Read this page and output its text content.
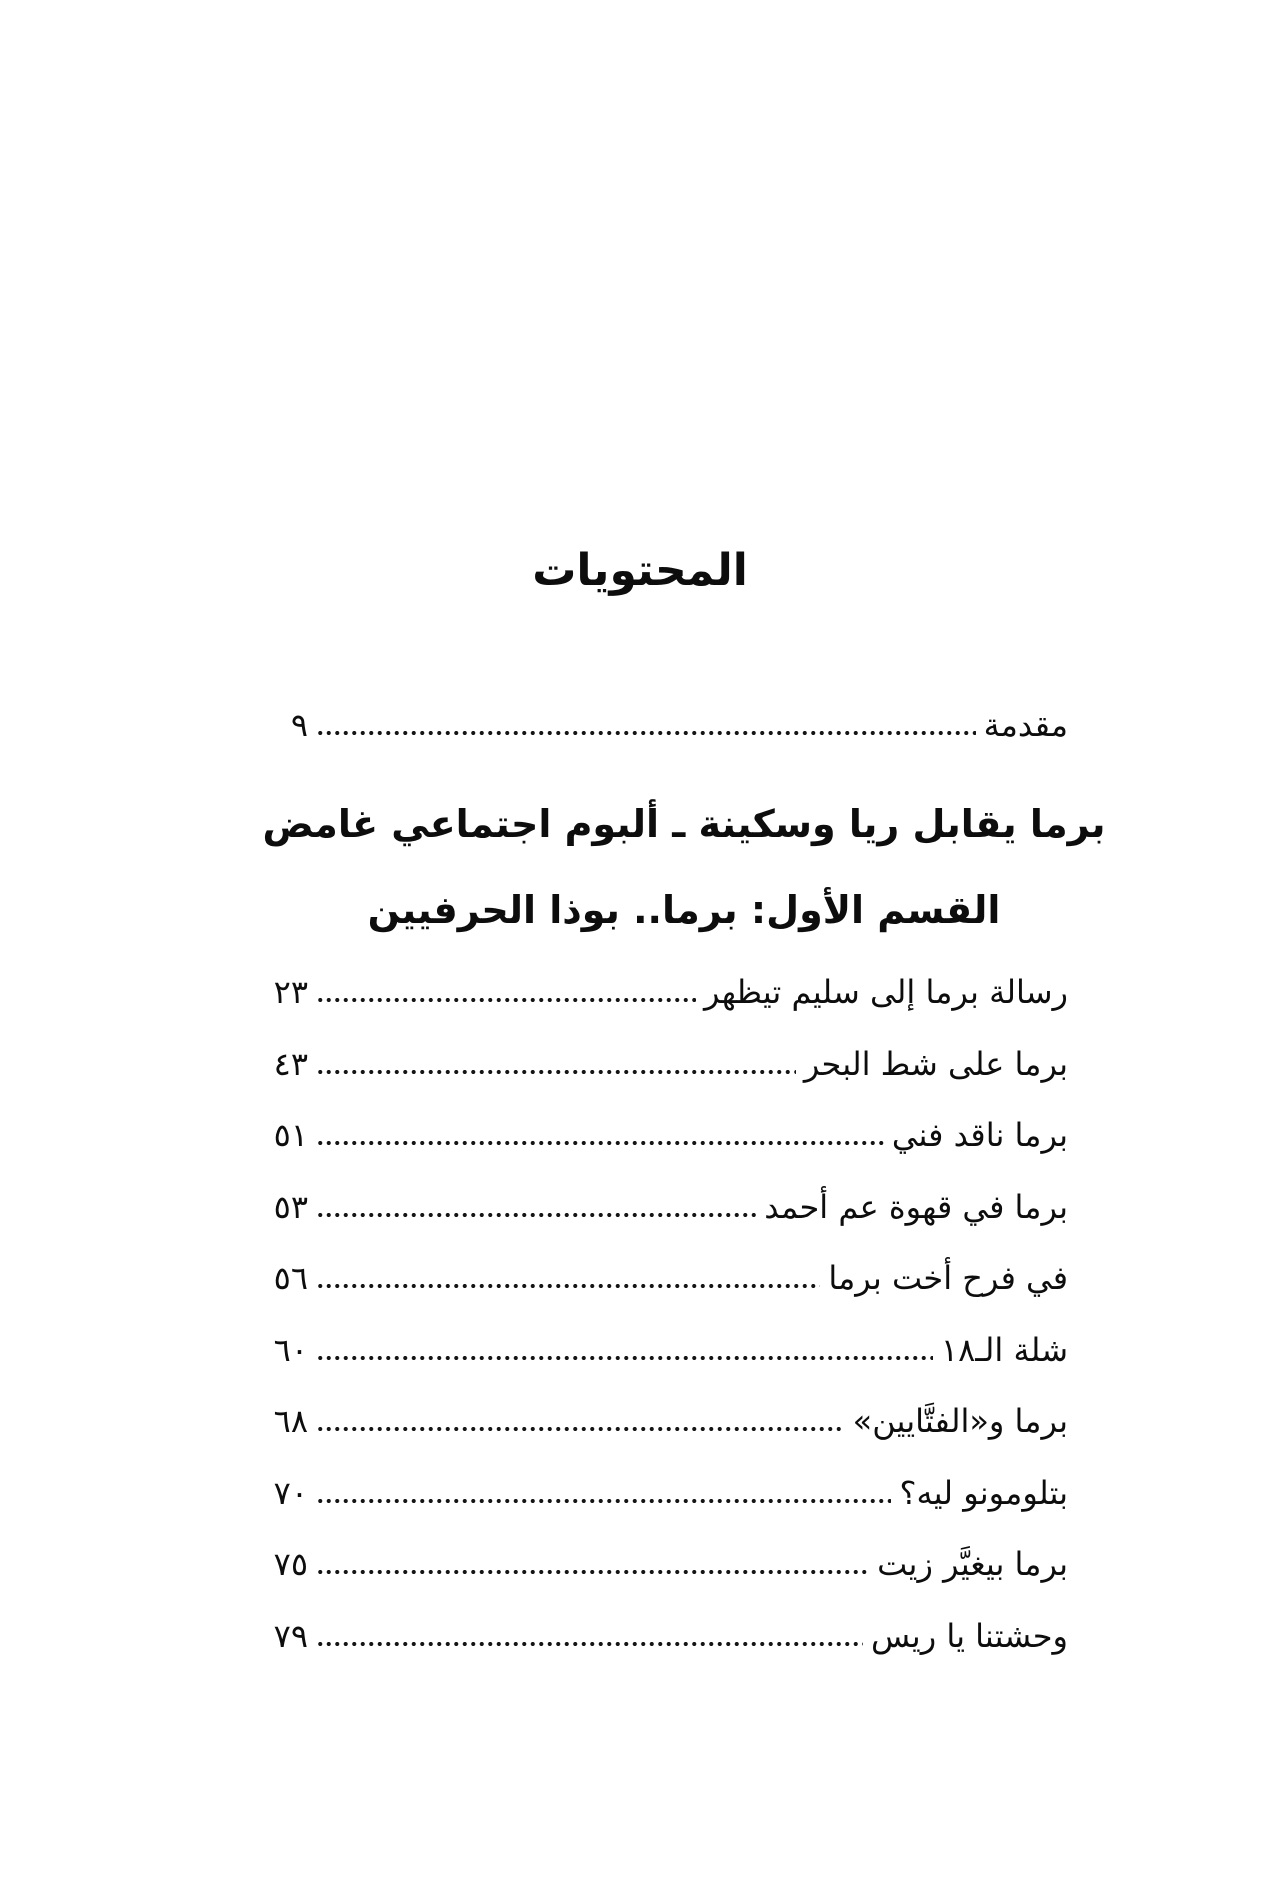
المحتويات
مقدمة
٩
برما يقابل ريا وسكينة ـ ألبوم اجتماعي غامض
القسم الأول: برما.. بوذا الحرفيين
رسالة برما إلى سليم تيظهر
٢٣
برما على شط البحر
٤٣
برما ناقد فني
٥١
برما في قهوة عم أحمد
٥٣
في فرح أخت برما
٥٦
شلة الـ١٨
٦٠
برما و«الفتَّايين»
٦٨
بتلومونو ليه؟
٧٠
برما بيغيَّر زيت
٧٥
وحشتنا يا ريس
٧٩
